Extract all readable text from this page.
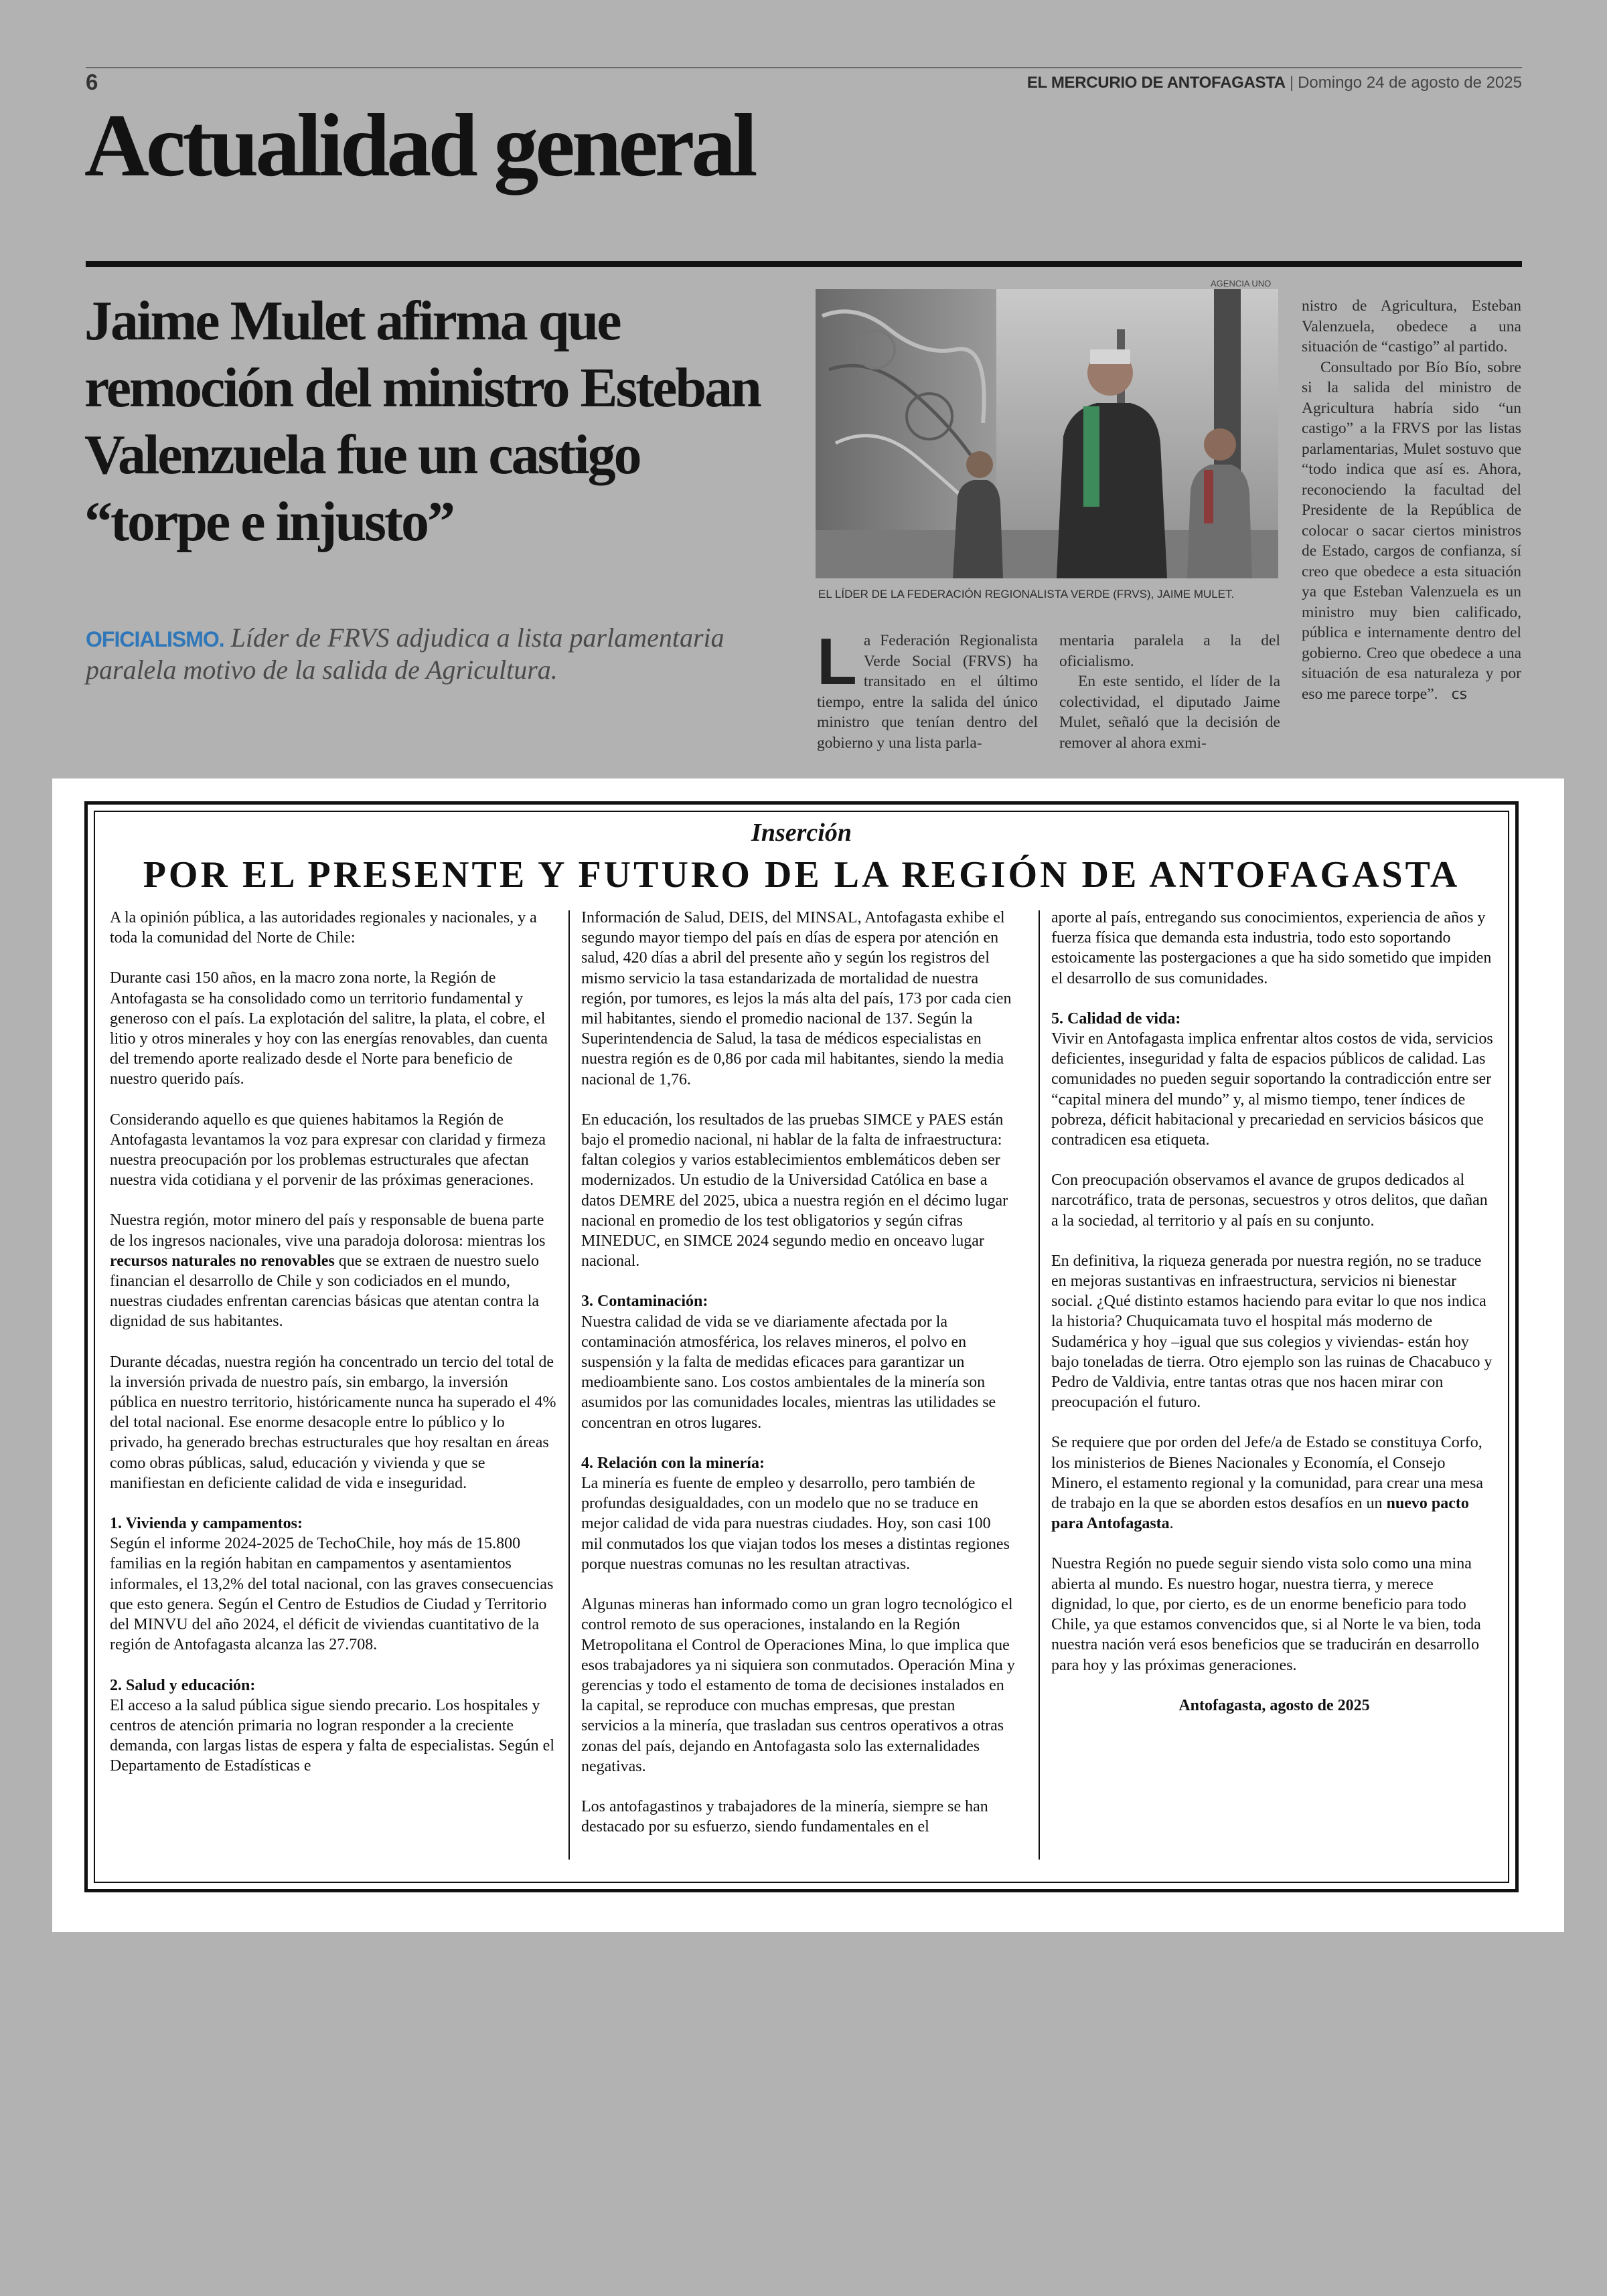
6	EL MERCURIO DE ANTOFAGASTA | Domingo 24 de agosto de 2025
Actualidad general
Jaime Mulet afirma que remoción del ministro Esteban Valenzuela fue un castigo “torpe e injusto”

OFICIALISMO. Líder de FRVS adjudica a lista parlamentaria paralela motivo de la salida de Agricultura.

AGENCIA UNO
EL LÍDER DE LA FEDERACIÓN REGIONALISTA VERDE (FRVS), JAIME MULET.

La Federación Regionalista Verde Social (FRVS) ha transitado en el último tiempo, entre la salida del único ministro que tenían dentro del gobierno y una lista parla-

mentaria paralela a la del oficialismo.

En este sentido, el líder de la colectividad, el diputado Jaime Mulet, señaló que la decisión de remover al ahora exmi-

nistro de Agricultura, Esteban Valenzuela, obedece a una situación de “castigo” al partido.

Consultado por Bío Bío, sobre si la salida del ministro de Agricultura habría sido “un castigo” a la FRVS por las listas parlamentarias, Mulet sostuvo que “todo indica que así es. Ahora, reconociendo la facultad del Presidente de la República de colocar o sacar ciertos ministros de Estado, cargos de confianza, sí creo que obedece a esta situación ya que Esteban Valenzuela es un ministro muy bien calificado, pública e internamente dentro del gobierno. Creo que obedece a una situación de esa naturaleza y por eso me parece torpe”. cs

Inserción
POR EL PRESENTE Y FUTURO DE LA REGIÓN DE ANTOFAGASTA

A la opinión pública, a las autoridades regionales y nacionales, y a toda la comunidad del Norte de Chile:

Durante casi 150 años, en la macro zona norte, la Región de Antofagasta se ha consolidado como un territorio fundamental y generoso con el país. La explotación del salitre, la plata, el cobre, el litio y otros minerales y hoy con las energías renovables, dan cuenta del tremendo aporte realizado desde el Norte para beneficio de nuestro querido país.

Considerando aquello es que quienes habitamos la Región de Antofagasta levantamos la voz para expresar con claridad y firmeza nuestra preocupación por los problemas estructurales que afectan nuestra vida cotidiana y el porvenir de las próximas generaciones.

Nuestra región, motor minero del país y responsable de buena parte de los ingresos nacionales, vive una paradoja dolorosa: mientras los recursos naturales no renovables que se extraen de nuestro suelo financian el desarrollo de Chile y son codiciados en el mundo, nuestras ciudades enfrentan carencias básicas que atentan contra la dignidad de sus habitantes.

Durante décadas, nuestra región ha concentrado un tercio del total de la inversión privada de nuestro país, sin embargo, la inversión pública en nuestro territorio, históricamente nunca ha superado el 4% del total nacional. Ese enorme desacople entre lo público y lo privado, ha generado brechas estructurales que hoy resaltan en áreas como obras públicas, salud, educación y vivienda y que se manifiestan en deficiente calidad de vida e inseguridad.

1. Vivienda y campamentos:

Según el informe 2024-2025 de TechoChile, hoy más de 15.800 familias en la región habitan en campamentos y asentamientos informales, el 13,2% del total nacional, con las graves consecuencias que esto genera. Según el Centro de Estudios de Ciudad y Territorio del MINVU del año 2024, el déficit de viviendas cuantitativo de la región de Antofagasta alcanza las 27.708.

2. Salud y educación:

El acceso a la salud pública sigue siendo precario. Los hospitales y centros de atención primaria no logran responder a la creciente demanda, con largas listas de espera y falta de especialistas. Según el Departamento de Estadísticas e

Información de Salud, DEIS, del MINSAL, Antofagasta exhibe el segundo mayor tiempo del país en días de espera por atención en salud, 420 días a abril del presente año y según los registros del mismo servicio la tasa estandarizada de mortalidad de nuestra región, por tumores, es lejos la más alta del país, 173 por cada cien mil habitantes, siendo el promedio nacional de 137. Según la Superintendencia de Salud, la tasa de médicos especialistas en nuestra región es de 0,86 por cada mil habitantes, siendo la media nacional de 1,76.

En educación, los resultados de las pruebas SIMCE y PAES están bajo el promedio nacional, ni hablar de la falta de infraestructura: faltan colegios y varios establecimientos emblemáticos deben ser modernizados. Un estudio de la Universidad Católica en base a datos DEMRE del 2025, ubica a nuestra región en el décimo lugar nacional en promedio de los test obligatorios y según cifras MINEDUC, en SIMCE 2024 segundo medio en onceavo lugar nacional.

3. Contaminación:

Nuestra calidad de vida se ve diariamente afectada por la contaminación atmosférica, los relaves mineros, el polvo en suspensión y la falta de medidas eficaces para garantizar un medioambiente sano. Los costos ambientales de la minería son asumidos por las comunidades locales, mientras las utilidades se concentran en otros lugares.

4. Relación con la minería:

La minería es fuente de empleo y desarrollo, pero también de profundas desigualdades, con un modelo que no se traduce en mejor calidad de vida para nuestras ciudades. Hoy, son casi 100 mil conmutados los que viajan todos los meses a distintas regiones porque nuestras comunas no les resultan atractivas.

Algunas mineras han informado como un gran logro tecnológico el control remoto de sus operaciones, instalando en la Región Metropolitana el Control de Operaciones Mina, lo que implica que esos trabajadores ya ni siquiera son conmutados. Operación Mina y gerencias y todo el estamento de toma de decisiones instalados en la capital, se reproduce con muchas empresas, que prestan servicios a la minería, que trasladan sus centros operativos a otras zonas del país, dejando en Antofagasta solo las externalidades negativas.

Los antofagastinos y trabajadores de la minería, siempre se han destacado por su esfuerzo, siendo fundamentales en el

aporte al país, entregando sus conocimientos, experiencia de años y fuerza física que demanda esta industria, todo esto soportando estoicamente las postergaciones a que ha sido sometido que impiden el desarrollo de sus comunidades.

5. Calidad de vida:

Vivir en Antofagasta implica enfrentar altos costos de vida, servicios deficientes, inseguridad y falta de espacios públicos de calidad. Las comunidades no pueden seguir soportando la contradicción entre ser “capital minera del mundo” y, al mismo tiempo, tener índices de pobreza, déficit habitacional y precariedad en servicios básicos que contradicen esa etiqueta.

Con preocupación observamos el avance de grupos dedicados al narcotráfico, trata de personas, secuestros y otros delitos, que dañan a la sociedad, al territorio y al país en su conjunto.

En definitiva, la riqueza generada por nuestra región, no se traduce en mejoras sustantivas en infraestructura, servicios ni bienestar social. ¿Qué distinto estamos haciendo para evitar lo que nos indica la historia? Chuquicamata tuvo el hospital más moderno de Sudamérica y hoy –igual que sus colegios y viviendas- están hoy bajo toneladas de tierra. Otro ejemplo son las ruinas de Chacabuco y Pedro de Valdivia, entre tantas otras que nos hacen mirar con preocupación el futuro.

Se requiere que por orden del Jefe/a de Estado se constituya Corfo, los ministerios de Bienes Nacionales y Economía, el Consejo Minero, el estamento regional y la comunidad, para crear una mesa de trabajo en la que se aborden estos desafíos en un nuevo pacto para Antofagasta.

Nuestra Región no puede seguir siendo vista solo como una mina abierta al mundo. Es nuestro hogar, nuestra tierra, y merece dignidad, lo que, por cierto, es de un enorme beneficio para todo Chile, ya que estamos convencidos que, si al Norte le va bien, toda nuestra nación verá esos beneficios que se traducirán en desarrollo para hoy y las próximas generaciones.

Antofagasta, agosto de 2025
